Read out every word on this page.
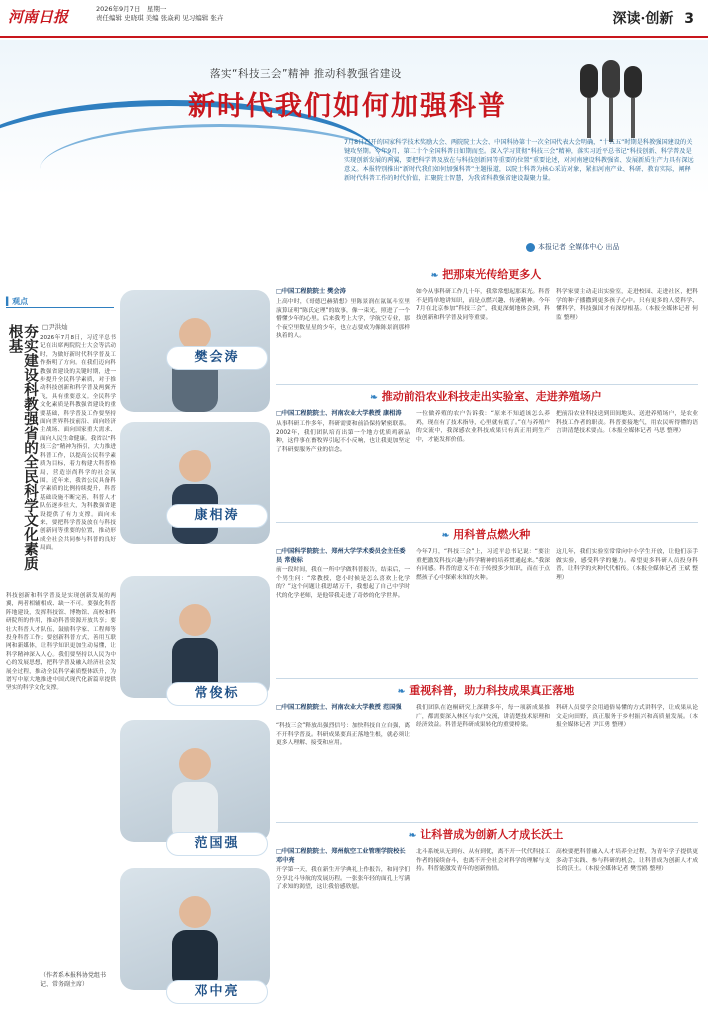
河南日报	2026年9月7日　星期一
责任编辑 史晓琪 美编 张焱莉 见习编辑 张卉	深读·创新 3
落实“科技三会”精神 推动科教强省建设
新时代我们如何加强科普
7月8日召开的国家科学技术奖励大会、两院院士大会、中国科协第十一次全国代表大会明确，“十五五”时期是科教强国建设的关键攻坚期。今年9月，第二十个全国科普日如期而至。深入学习贯彻“科技三会”精神，落实习近平总书记“科技创新、科学普及是实现创新发展的两翼，要把科学普及放在与科技创新同等重要的位置”重要论述，对河南建设科教强省、发展新质生产力具有深远意义。本报特别推出“新时代我们如何加强科普”主题报道，以院士科普为核心采访对象，紧扣河南产业、科研、教育实际，阐释新时代科普工作的时代价值，汇聚院士智慧，为我省科教强省建设凝聚力量。
本报记者 全媒体中心 出品
▍观点
夯实建设科教强省的全民科学文化素质根基	□尹洪灿
2026年7月8日，习近平总书记在出席两院院士大会等活动时，为做好新时代科学普及工作指明了方向。在我们迈向科教强省建设的关键时期，进一步提升全民科学素质，对于推动科技创新和科学普及两翼齐飞，具有重要意义。全民科学文化素质是科教强省建设的重要基础，科学普及工作要坚持面向世界科技前沿、面向经济主战场、面向国家重大需求、面向人民生命健康。我省以“科技三会”精神为指引，大力推进科普工作，以提高公民科学素质为目标，着力构建大科普格局，营造崇尚科学的社会氛围。近年来，我省公民具备科学素质的比例持续提升，科普基础设施不断完善，科普人才队伍逐步壮大，为科教强省建设提供了有力支撑。面向未来，要把科学普及放在与科技创新同等重要的位置，推动形成全社会共同参与科普的良好局面。
科技创新和科学普及是实现创新发展的两翼，两者相辅相成、缺一不可。要强化科普阵地建设，发挥科技馆、博物馆、高校和科研院所的作用，推动科普资源开放共享；要壮大科普人才队伍，鼓励科学家、工程师等投身科普工作；要创新科普方式，善用互联网和新媒体，让科学知识更加生动易懂，让科学精神深入人心。我们要坚持以人民为中心的发展思想，把科学普及融入经济社会发展全过程，推动全民科学素质整体跃升，为谱写中原大地推进中国式现代化新篇章提供坚实的科学文化支撑。
（作者系本报科协党组书记、常务副主席）
樊会涛
康相涛
常俊标
范国强
邓中亮
❧ 把那束光传给更多人
□中国工程院院士 樊会涛
上高中时，《哥德巴赫猜想》里陈景润在氤氲斗室里演算证明“陈氏定理”的故事，像一束光，照进了一个懵懂少年的心里。后来我考上大学，学航空专业，那个夜空里数星星的少年，也立志要成为像陈景润那样执着的人。
如今从事科研工作几十年，我常常想起那束光。科普不是简单地讲知识，而是点燃兴趣、传递精神。今年7月在北京参加“科技三会”，我更深刻地体会到，科技创新和科学普及同等重要。
科学家要主动走出实验室，走进校园、走进社区，把科学的种子播撒到更多孩子心中。只有更多的人爱科学、懂科学，科技强国才有深厚根基。（本报全媒体记者 何监 整理）
❧ 推动前沿农业科技走出实验室、走进养殖场户
□中国工程院院士、河南农业大学教授 康相涛
从事科研工作多年，科研需要和前沿保持紧密联系。2002年，我们团队培育出第一个地方优质鸡新品种，这件事在畜牧界引起不小反响，也让我更加坚定了科研要服务产业的信念。
一位做养殖的农户告诉我：“原来不知道该怎么养鸡，现在有了技术指导，心里就有底了。”在与养殖户的交流中，我深感农业科技成果只有真正用到生产中，才能发挥价值。
把前沿农业科技送到田间地头、送进养殖场户，是农业科技工作者的职责。科普要接地气，用农民听得懂的语言讲清楚技术要点。（本报全媒体记者 马思 整理）
❧ 用科普点燃火种
□中国科学院院士、郑州大学学术委员会主任委员 常俊标
前一段时间，我在一所中学做科普报告，结束后，一个男生问：“常教授，您小时候是怎么喜欢上化学的？”这个问题让我思绪万千，我想起了自己中学时代的化学老师，是他带我走进了奇妙的化学世界。
今年7月，“科技三会”上，习近平总书记说：“要注重把激发科技兴趣与科学精神的培养贯通起来。”我深有同感。科普的意义不在于传授多少知识，而在于点燃孩子心中探索未知的火种。
这几年，我们实验室常常向中小学生开放，让他们亲手做实验，感受科学的魅力。希望更多科研人员投身科普，让科学的火种代代相传。（本报全媒体记者 王斌 整理）
❧ 重视科普，助力科技成果真正落地
□中国工程院院士、河南农业大学教授 范国强
“科技三会”释放出强烈信号：加快科技自立自强，离不开科学普及。科研成果要真正落地生根，就必须让更多人理解、接受和应用。
我们团队在泡桐研究上深耕多年，每一项新成果推广，都需要深入林区与农户交流，讲清楚技术原理和经济效益。科普是科研成果转化的重要桥梁。
科研人员要学会用通俗易懂的方式讲科学，让成果从论文走向田野，真正服务于乡村振兴和高质量发展。（本报全媒体记者 尹江勇 整理）
❧ 让科普成为创新人才成长沃土
□中国工程院院士、郑州航空工业管理学院校长 邓中亮
开学第一天，我在新生开学典礼上作报告，和同学们分享北斗导航的发展历程。一张张年轻的面孔上写满了求知的渴望，这让我倍感欣慰。
北斗系统从无到有、从有到优，离不开一代代科技工作者的接续奋斗，也离不开全社会对科学的理解与支持。科普能激发青年的创新热情。
高校要把科普融入人才培养全过程，为青年学子提供更多动手实践、参与科研的机会，让科普成为创新人才成长的沃土。（本报全媒体记者 樊雪鸥 整理）
